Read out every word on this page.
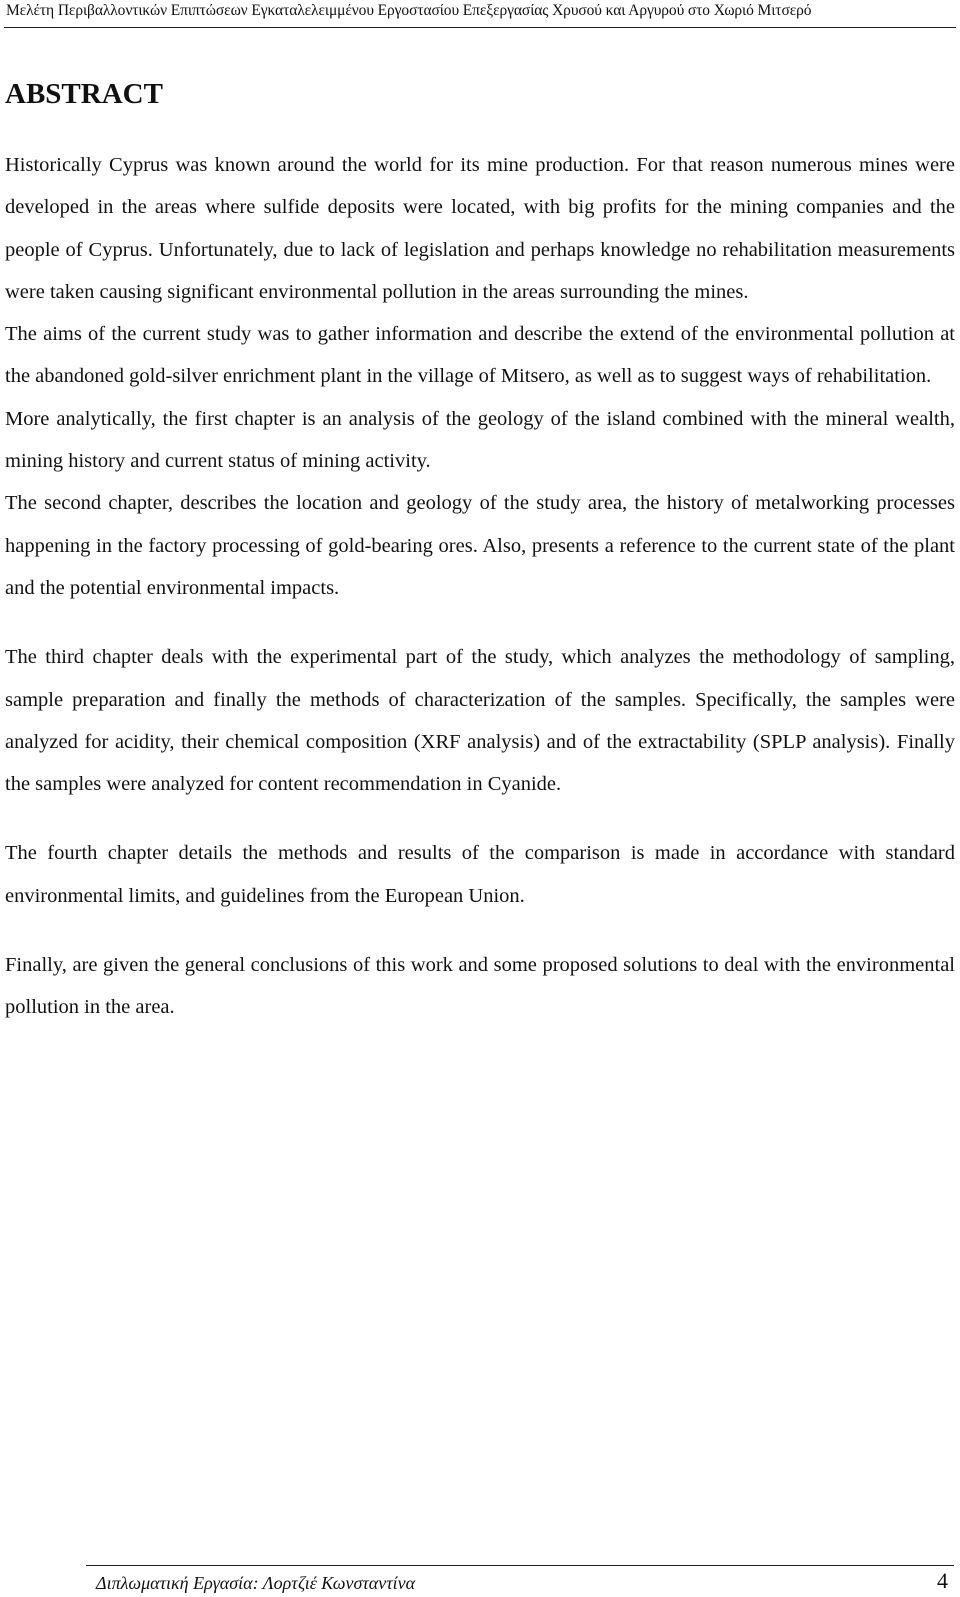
Μελέτη Περιβαλλοντικών Επιπτώσεων Εγκαταλελειμμένου Εργοστασίου Επεξεργασίας Χρυσού και Αργυρού στο Χωριό Μιτσερό
ABSTRACT

Historically Cyprus was known around the world for its mine production. For that reason numerous mines were developed in the areas where sulfide deposits were located, with big profits for the mining companies and the people of Cyprus. Unfortunately, due to lack of legislation and perhaps knowledge no rehabilitation measurements were taken causing significant environmental pollution in the areas surrounding the mines.

The aims of the current study was to gather information and describe the extend of the environmental pollution at the abandoned gold-silver enrichment plant in the village of Mitsero, as well as to suggest ways of rehabilitation.

More analytically, the first chapter is an analysis of the geology of the island combined with the mineral wealth, mining history and current status of mining activity.

The second chapter, describes the location and geology of the study area, the history of metalworking processes happening in the factory processing of gold-bearing ores. Also, presents a reference to the current state of the plant and the potential environmental impacts.

The third chapter deals with the experimental part of the study, which analyzes the methodology of sampling, sample preparation and finally the methods of characterization of the samples. Specifically, the samples were analyzed for acidity, their chemical composition (XRF analysis) and of the extractability (SPLP analysis). Finally the samples were analyzed for content recommendation in Cyanide.

The fourth chapter details the methods and results of the comparison is made in accordance with standard environmental limits, and guidelines from the European Union.

Finally, are given the general conclusions of this work and some proposed solutions to deal with the environmental pollution in the area.

Διπλωματική Εργασία: Λορτζιέ Κωνσταντίνα	4
